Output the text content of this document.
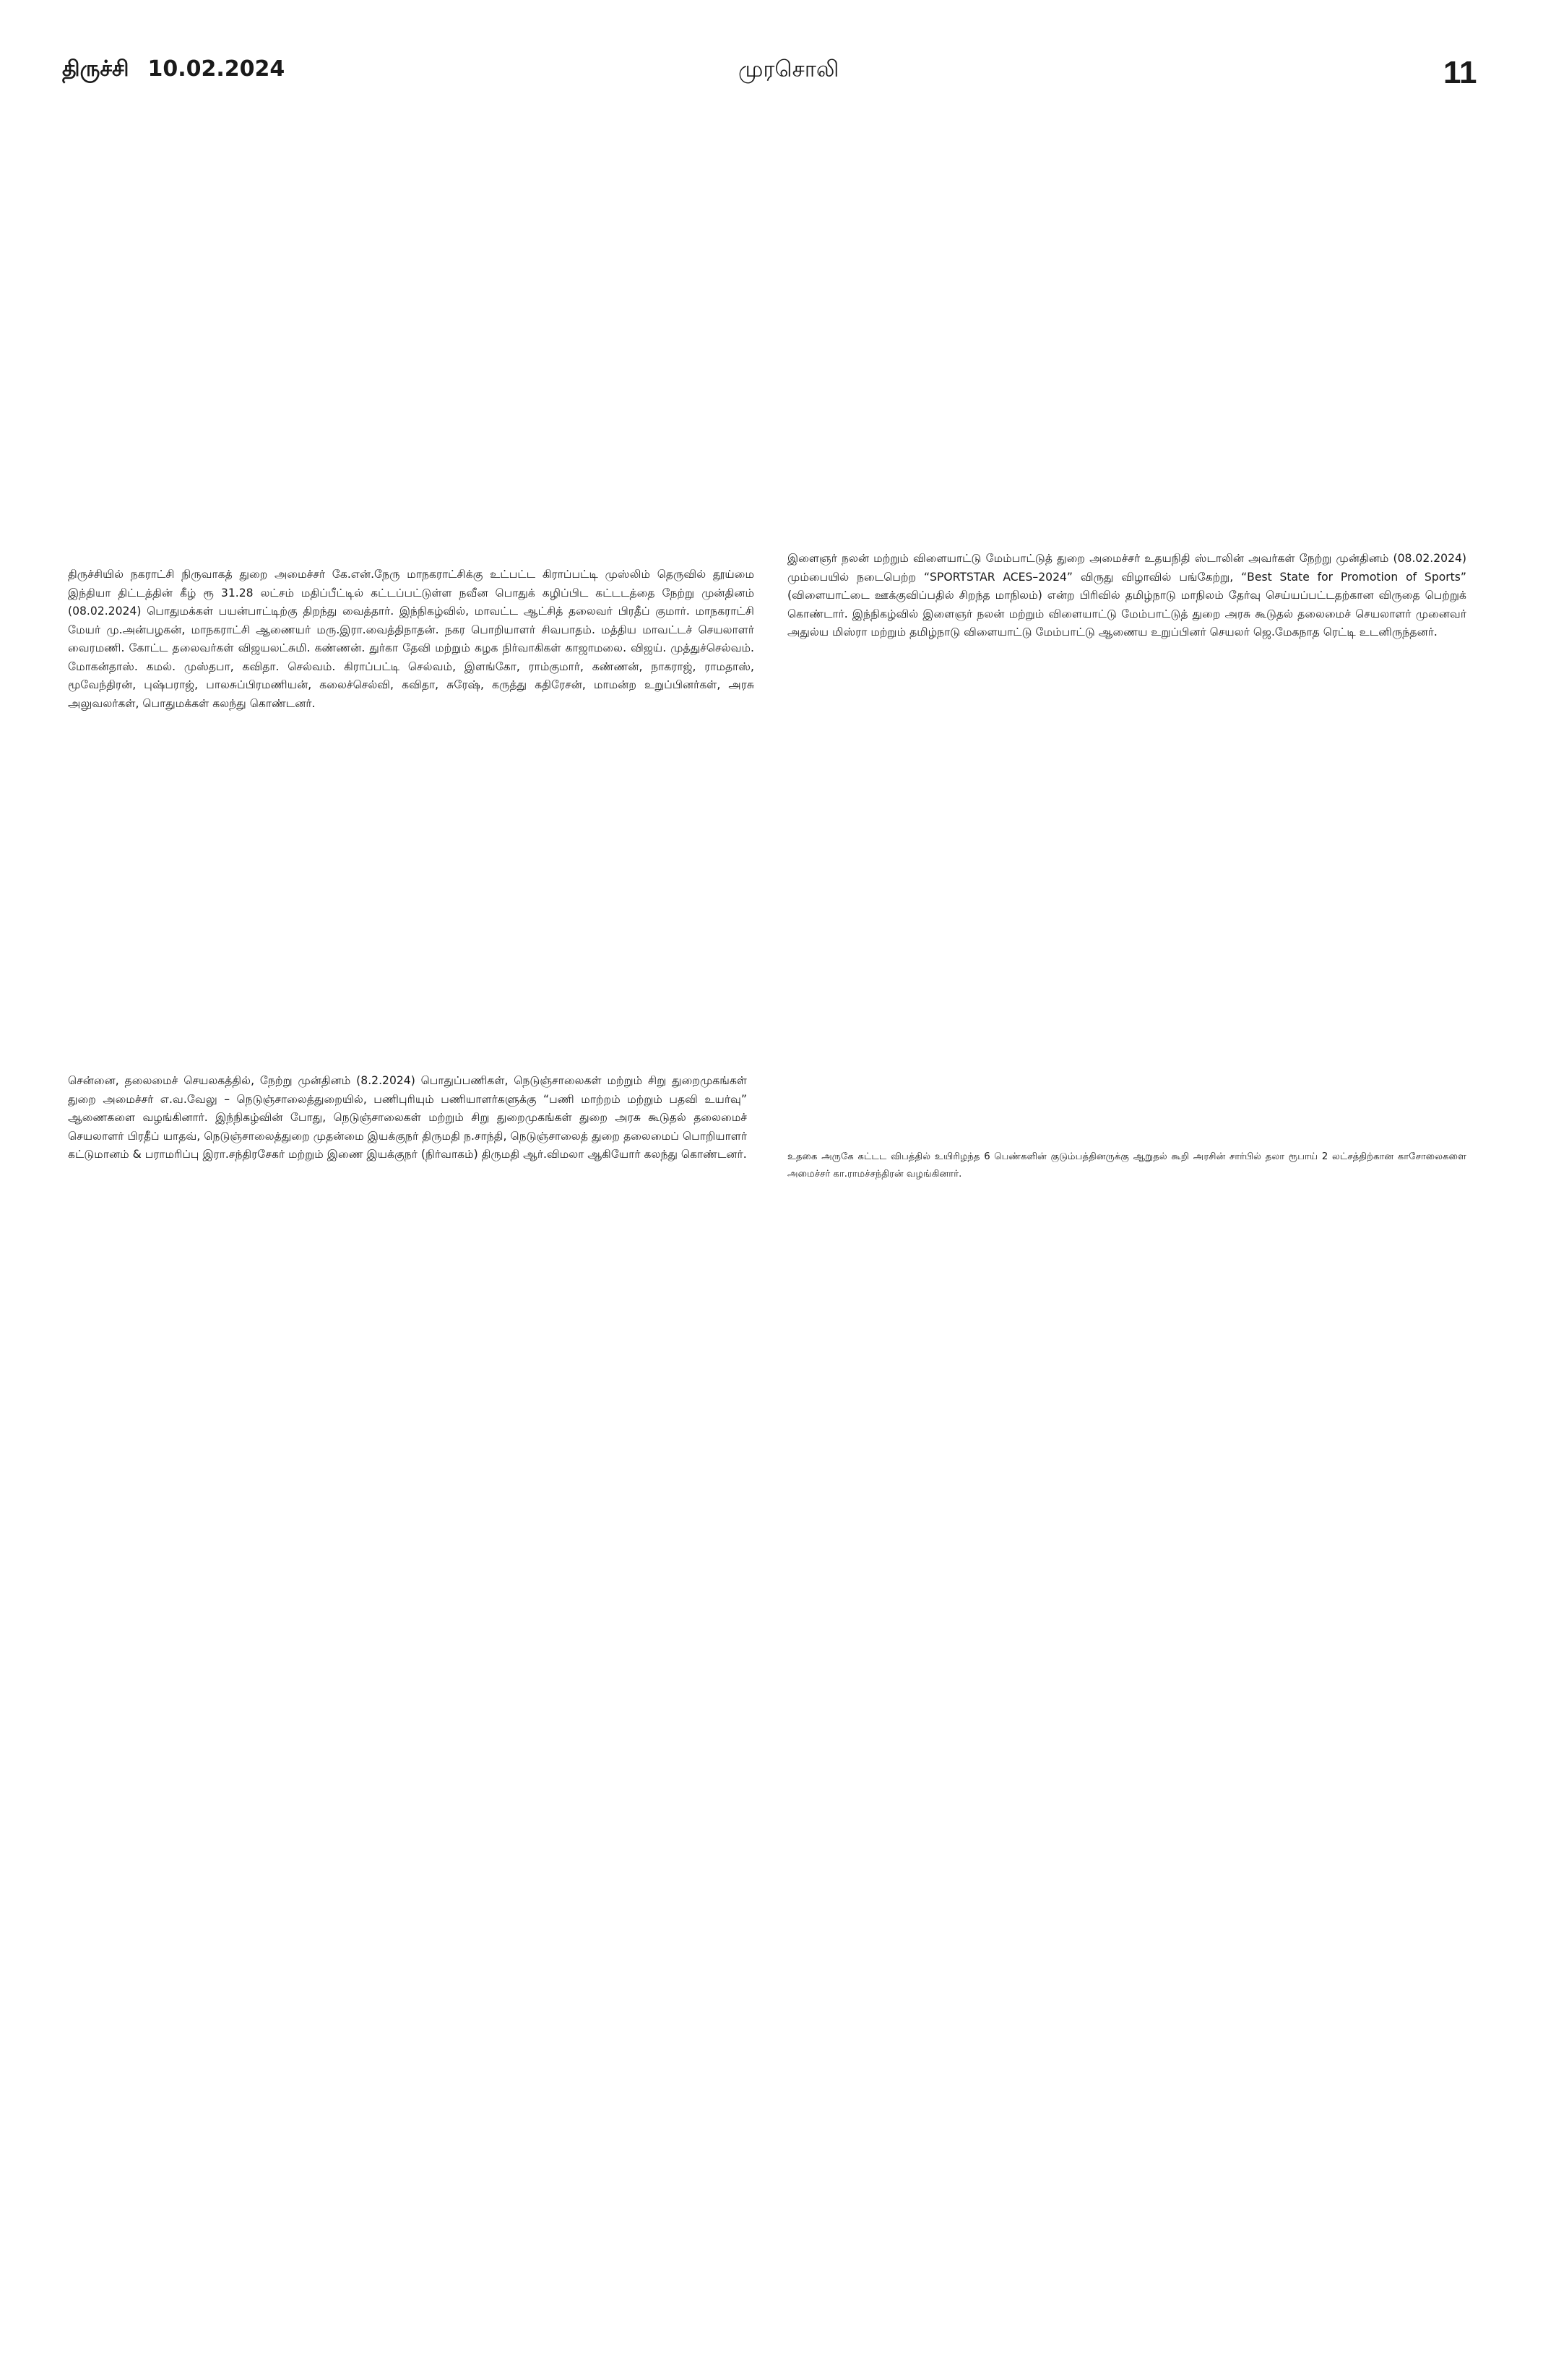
திருச்சி 10.02.2024	முரசொலி	11

திருச்சியில் நகராட்சி நிருவாகத் துறை அமைச்சர் கே.என்.நேரு மாநகராட்சிக்கு உட்பட்ட கிராப்பட்டி முஸ்லிம் தெருவில் தூய்மை இந்தியா திட்டத்தின் கீழ் ரூ 31.28 லட்சம் மதிப்பீட்டில் கட்டப்பட்டுள்ள நவீன பொதுக் கழிப்பிட கட்டடத்தை நேற்று முன்தினம் (08.02.2024) பொதுமக்கள் பயன்பாட்டிற்கு திறந்து வைத்தார். இந்நிகழ்வில், மாவட்ட ஆட்சித் தலைவர் பிரதீப் குமார். மாநகராட்சி மேயர் மு.அன்பழகன், மாநகராட்சி ஆணையர் மரு.இரா.வைத்திநாதன். நகர பொறியாளர் சிவபாதம். மத்திய மாவட்டச் செயலாளர் வைரமணி. கோட்ட தலைவர்கள் விஜயலட்சுமி. கண்ணன். துர்கா தேவி மற்றும் கழக நிர்வாகிகள் காஜாமலை. விஜய். முத்துச்செல்வம். மோகன்தாஸ். கமல். முஸ்தபா, கவிதா. செல்வம். கிராப்பட்டி செல்வம், இளங்கோ, ராம்குமார், கண்ணன், நாகராஜ், ராமதாஸ், மூவேந்திரன், புஷ்பராஜ், பாலசுப்பிரமணியன், கலைச்செல்வி, கவிதா, சுரேஷ், கருத்து கதிரேசன், மாமன்ற உறுப்பினர்கள், அரசு அலுவலர்கள், பொதுமக்கள் கலந்து கொண்டனர்.

இளைஞர் நலன் மற்றும் விளையாட்டு மேம்பாட்டுத் துறை அமைச்சர் உதயநிதி ஸ்டாலின் அவர்கள் நேற்று முன்தினம் (08.02.2024) மும்பையில் நடைபெற்ற “SPORTSTAR ACES–2024” விருது விழாவில் பங்கேற்று, “Best State for Promotion of Sports” (விளையாட்டை ஊக்குவிப்பதில் சிறந்த மாநிலம்) என்ற பிரிவில் தமிழ்நாடு மாநிலம் தேர்வு செய்யப்பட்டதற்கான விருதை பெற்றுக் கொண்டார். இந்நிகழ்வில் இளைஞர் நலன் மற்றும் விளையாட்டு மேம்பாட்டுத் துறை அரசு கூடுதல் தலைமைச் செயலாளர் முனைவர் அதுல்ய மிஸ்ரா மற்றும் தமிழ்நாடு விளையாட்டு மேம்பாட்டு ஆணைய உறுப்பினர் செயலர் ஜெ.மேகநாத ரெட்டி உடனிருந்தனர்.

சென்னை, தலைமைச் செயலகத்தில், நேற்று முன்தினம் (8.2.2024) பொதுப்பணிகள், நெடுஞ்சாலைகள் மற்றும் சிறு துறைமுகங்கள் துறை அமைச்சர் எ.வ.வேலு – நெடுஞ்சாலைத்துறையில், பணிபுரியும் பணியாளர்களுக்கு “பணி மாற்றம் மற்றும் பதவி உயர்வு” ஆணைகளை வழங்கினார். இந்நிகழ்வின் போது, நெடுஞ்சாலைகள் மற்றும் சிறு துறைமுகங்கள் துறை அரசு கூடுதல் தலைமைச் செயலாளர் பிரதீப் யாதவ், நெடுஞ்சாலைத்துறை முதன்மை இயக்குநர் திருமதி ந.சாந்தி, நெடுஞ்சாலைத் துறை தலைமைப் பொறியாளர் கட்டுமானம் & பராமரிப்பு இரா.சந்திரசேகர் மற்றும் இணை இயக்குநர் (நிர்வாகம்) திருமதி ஆர்.விமலா ஆகியோர் கலந்து கொண்டனர்.	உதகை அருகே கட்டட விபத்தில் உயிரிழந்த 6 பெண்களின் குடும்பத்தினருக்கு ஆறுதல் கூறி அரசின் சார்பில் தலா ரூபாய் 2 லட்சத்திற்கான காசோலைகளை அமைச்சர் கா.ராமச்சந்திரன் வழங்கினார்.
